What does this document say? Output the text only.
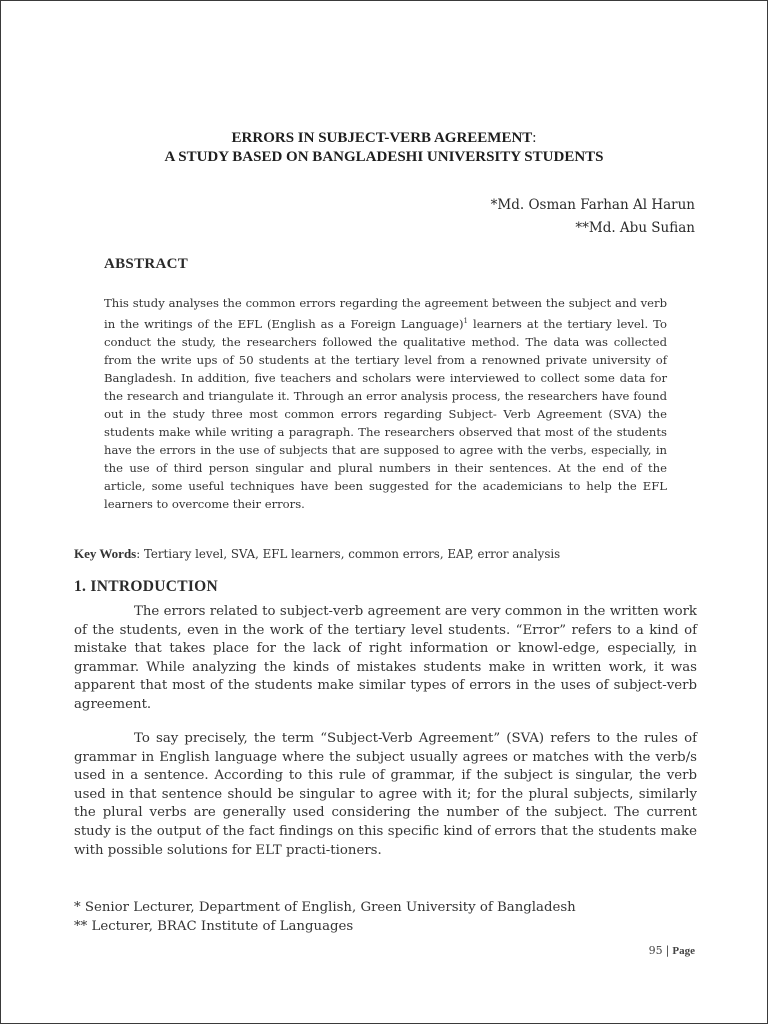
ERRORS IN SUBJECT-VERB AGREEMENT:
A STUDY BASED ON BANGLADESHI UNIVERSITY STUDENTS
*Md. Osman Farhan Al Harun
**Md. Abu Sufian
ABSTRACT
This study analyses the common errors regarding the agreement between the subject and verb in the writings of the EFL (English as a Foreign Language)$^1$ learners at the tertiary level. To conduct the study, the researchers followed the qualitative method. The data was collected from the write ups of 50 students at the tertiary level from a renowned private university of Bangladesh. In addition, five teachers and scholars were interviewed to collect some data for the research and triangulate it. Through an error analysis process, the researchers have found out in the study three most common errors regarding Subject- Verb Agreement (SVA) the students make while writing a paragraph. The researchers observed that most of the students have the errors in the use of subjects that are supposed to agree with the verbs, especially, in the use of third person singular and plural numbers in their sentences. At the end of the article, some useful techniques have been suggested for the academicians to help the EFL learners to overcome their errors.
Key Words: Tertiary level, SVA, EFL learners, common errors, EAP, error analysis
1. INTRODUCTION
The errors related to subject-verb agreement are very common in the written work of the students, even in the work of the tertiary level students. “Error” refers to a kind of mistake that takes place for the lack of right information or knowl-edge, especially, in grammar. While analyzing the kinds of mistakes students make in written work, it was apparent that most of the students make similar types of errors in the uses of subject-verb agreement.
To say precisely, the term “Subject-Verb Agreement” (SVA) refers to the rules of grammar in English language where the subject usually agrees or matches with the verb/s used in a sentence. According to this rule of grammar, if the subject is singular, the verb used in that sentence should be singular to agree with it; for the plural subjects, similarly the plural verbs are generally used considering the number of the subject. The current study is the output of the fact findings on this specific kind of errors that the students make with possible solutions for ELT practi-tioners.
* Senior Lecturer, Department of English, Green University of Bangladesh
** Lecturer, BRAC Institute of Languages
95 | Page
